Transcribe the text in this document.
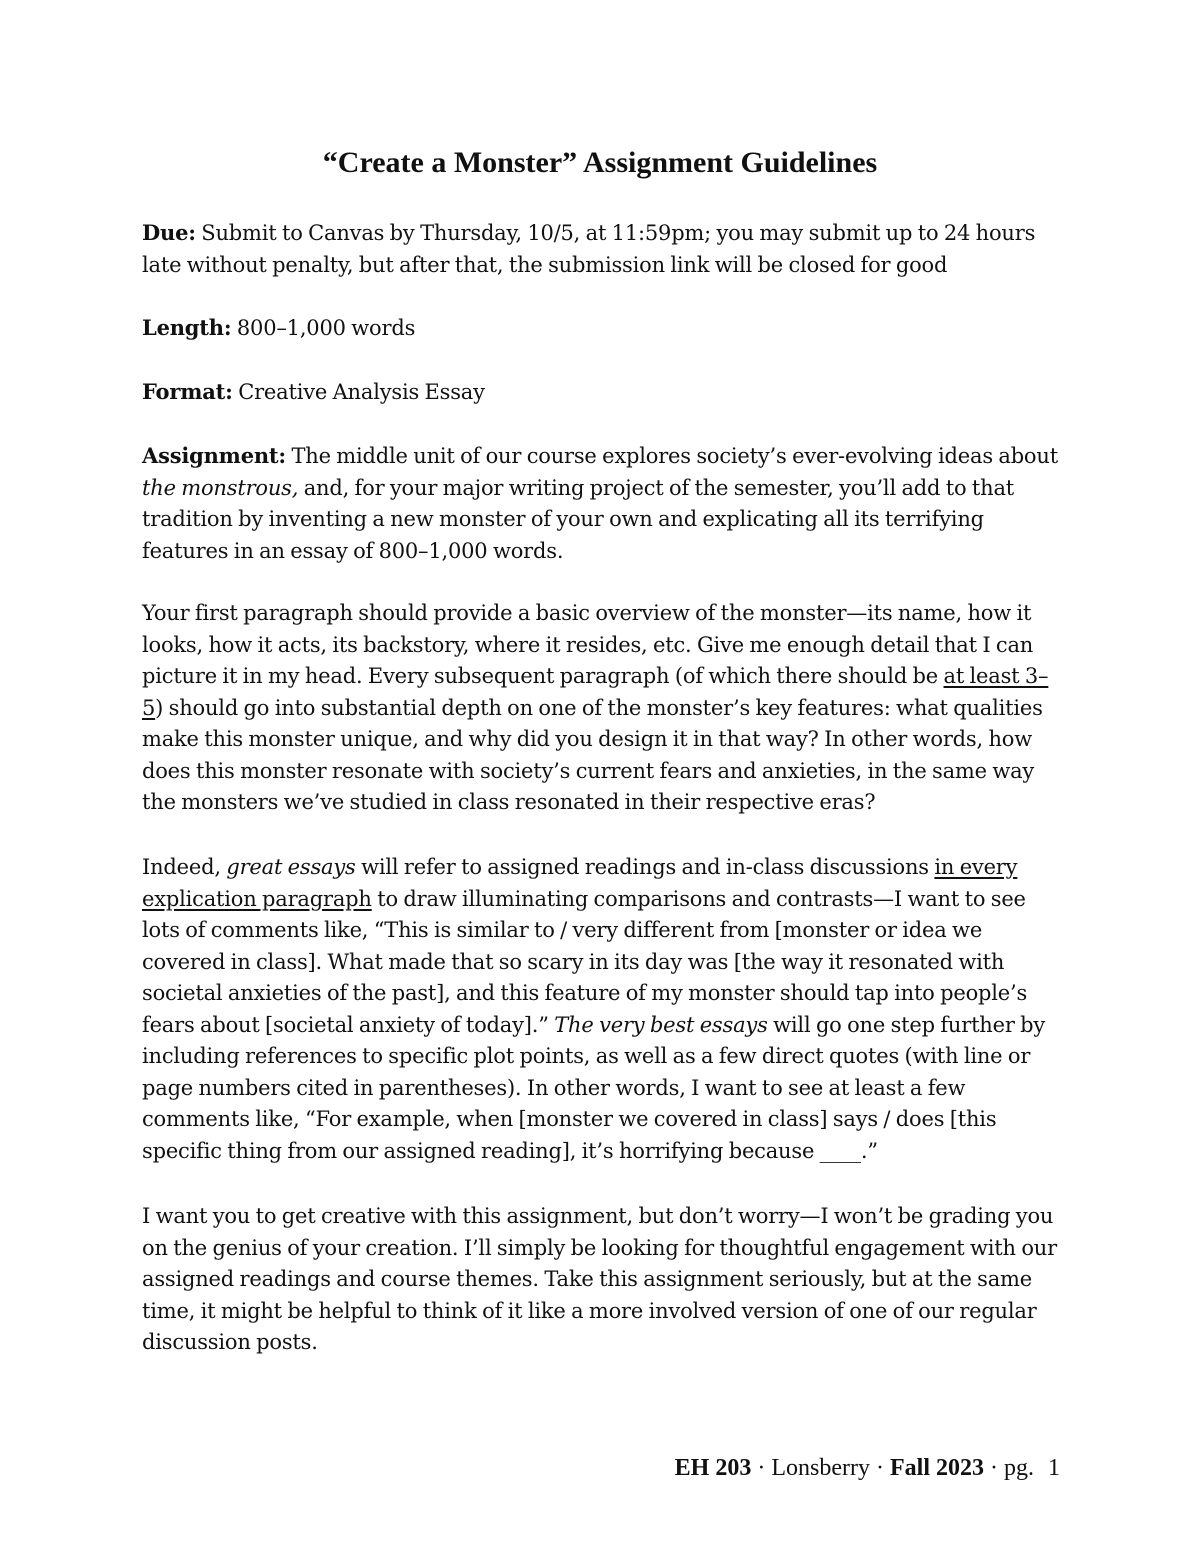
“Create a Monster” Assignment Guidelines

Due: Submit to Canvas by Thursday, 10/5, at 11:59pm; you may submit up to 24 hours late without penalty, but after that, the submission link will be closed for good

Length: 800–1,000 words

Format: Creative Analysis Essay

Assignment: The middle unit of our course explores society’s ever-evolving ideas about the monstrous, and, for your major writing project of the semester, you’ll add to that tradition by inventing a new monster of your own and explicating all its terrifying features in an essay of 800–1,000 words.

Your first paragraph should provide a basic overview of the monster—its name, how it looks, how it acts, its backstory, where it resides, etc. Give me enough detail that I can picture it in my head. Every subsequent paragraph (of which there should be at least 3–5) should go into substantial depth on one of the monster’s key features: what qualities make this monster unique, and why did you design it in that way? In other words, how does this monster resonate with society’s current fears and anxieties, in the same way the monsters we’ve studied in class resonated in their respective eras?

Indeed, great essays will refer to assigned readings and in-class discussions in every explication paragraph to draw illuminating comparisons and contrasts—I want to see lots of comments like, “This is similar to / very different from [monster or idea we covered in class]. What made that so scary in its day was [the way it resonated with societal anxieties of the past], and this feature of my monster should tap into people’s fears about [societal anxiety of today].” The very best essays will go one step further by including references to specific plot points, as well as a few direct quotes (with line or page numbers cited in parentheses). In other words, I want to see at least a few comments like, “For example, when [monster we covered in class] says / does [this specific thing from our assigned reading], it’s horrifying because ____.”

I want you to get creative with this assignment, but don’t worry—I won’t be grading you on the genius of your creation. I’ll simply be looking for thoughtful engagement with our assigned readings and course themes. Take this assignment seriously, but at the same time, it might be helpful to think of it like a more involved version of one of our regular discussion posts.

EH 203 · Lonsberry · Fall 2023 · pg. 1
